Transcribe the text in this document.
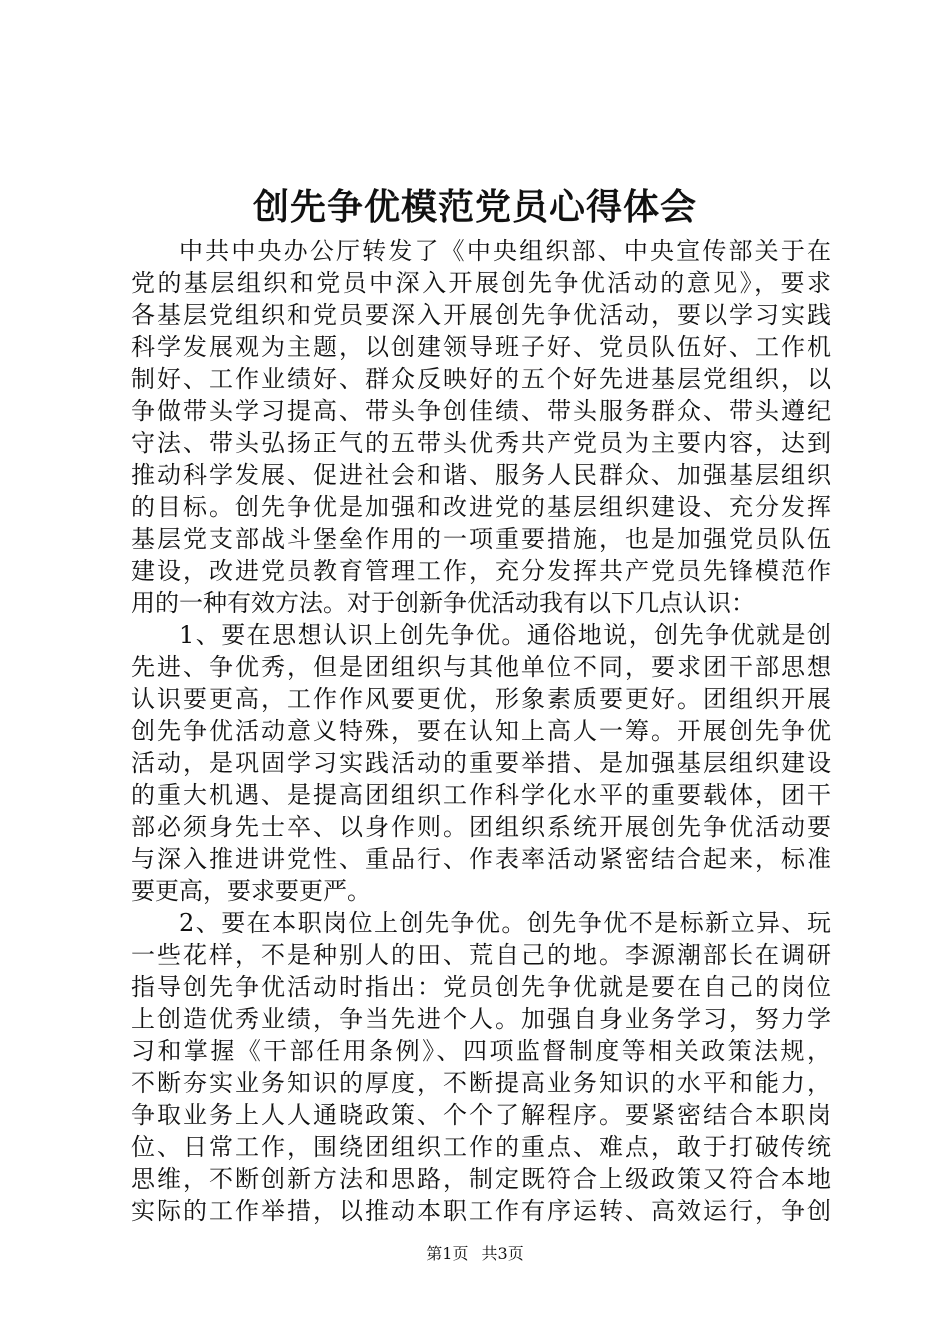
创先争优模范党员心得体会
中共中央办公厅转发了《中央组织部、中央宣传部关于在
党的基层组织和党员中深入开展创先争优活动的意见》，要求
各基层党组织和党员要深入开展创先争优活动，要以学习实践
科学发展观为主题，以创建领导班子好、党员队伍好、工作机
制好、工作业绩好、群众反映好的五个好先进基层党组织，以
争做带头学习提高、带头争创佳绩、带头服务群众、带头遵纪
守法、带头弘扬正气的五带头优秀共产党员为主要内容，达到
推动科学发展、促进社会和谐、服务人民群众、加强基层组织
的目标。创先争优是加强和改进党的基层组织建设、充分发挥
基层党支部战斗堡垒作用的一项重要措施，也是加强党员队伍
建设，改进党员教育管理工作，充分发挥共产党员先锋模范作
用的一种有效方法。对于创新争优活动我有以下几点认识：
1、要在思想认识上创先争优。通俗地说，创先争优就是创
先进、争优秀，但是团组织与其他单位不同，要求团干部思想
认识要更高，工作作风要更优，形象素质要更好。团组织开展
创先争优活动意义特殊，要在认知上高人一筹。开展创先争优
活动，是巩固学习实践活动的重要举措、是加强基层组织建设
的重大机遇、是提高团组织工作科学化水平的重要载体，团干
部必须身先士卒、以身作则。团组织系统开展创先争优活动要
与深入推进讲党性、重品行、作表率活动紧密结合起来，标准
要更高，要求要更严。
2、要在本职岗位上创先争优。创先争优不是标新立异、玩
一些花样，不是种别人的田、荒自己的地。李源潮部长在调研
指导创先争优活动时指出：党员创先争优就是要在自己的岗位
上创造优秀业绩，争当先进个人。加强自身业务学习，努力学
习和掌握《干部任用条例》、四项监督制度等相关政策法规，
不断夯实业务知识的厚度，不断提高业务知识的水平和能力，
争取业务上人人通晓政策、个个了解程序。要紧密结合本职岗
位、日常工作，围绕团组织工作的重点、难点，敢于打破传统
思维，不断创新方法和思路，制定既符合上级政策又符合本地
实际的工作举措，以推动本职工作有序运转、高效运行，争创
第1页 共3页
